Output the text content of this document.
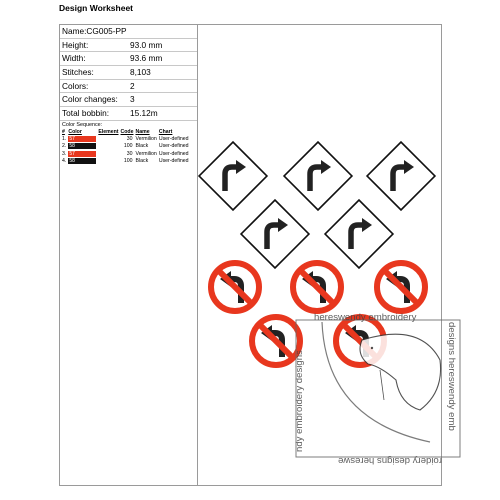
Design Worksheet
Name:CG005-PP
Height:	93.0 mm
Width:	93.6 mm
Stitches:	8,103
Colors:	2
Color changes: 3
Total bobbin:	15.12m
Color Sequence:
#	Color	Element	Code	Name	Chart
1.	57		30	Vermilion	User-defined
2.	58		100	Black	User-defined
3.	57		30	Vermilion	User-defined
4.	58		100	Black	User-defined
hereswendy embroidery
designs hereswendy emb
roidery designs hereswe
ndy embroidery designs
